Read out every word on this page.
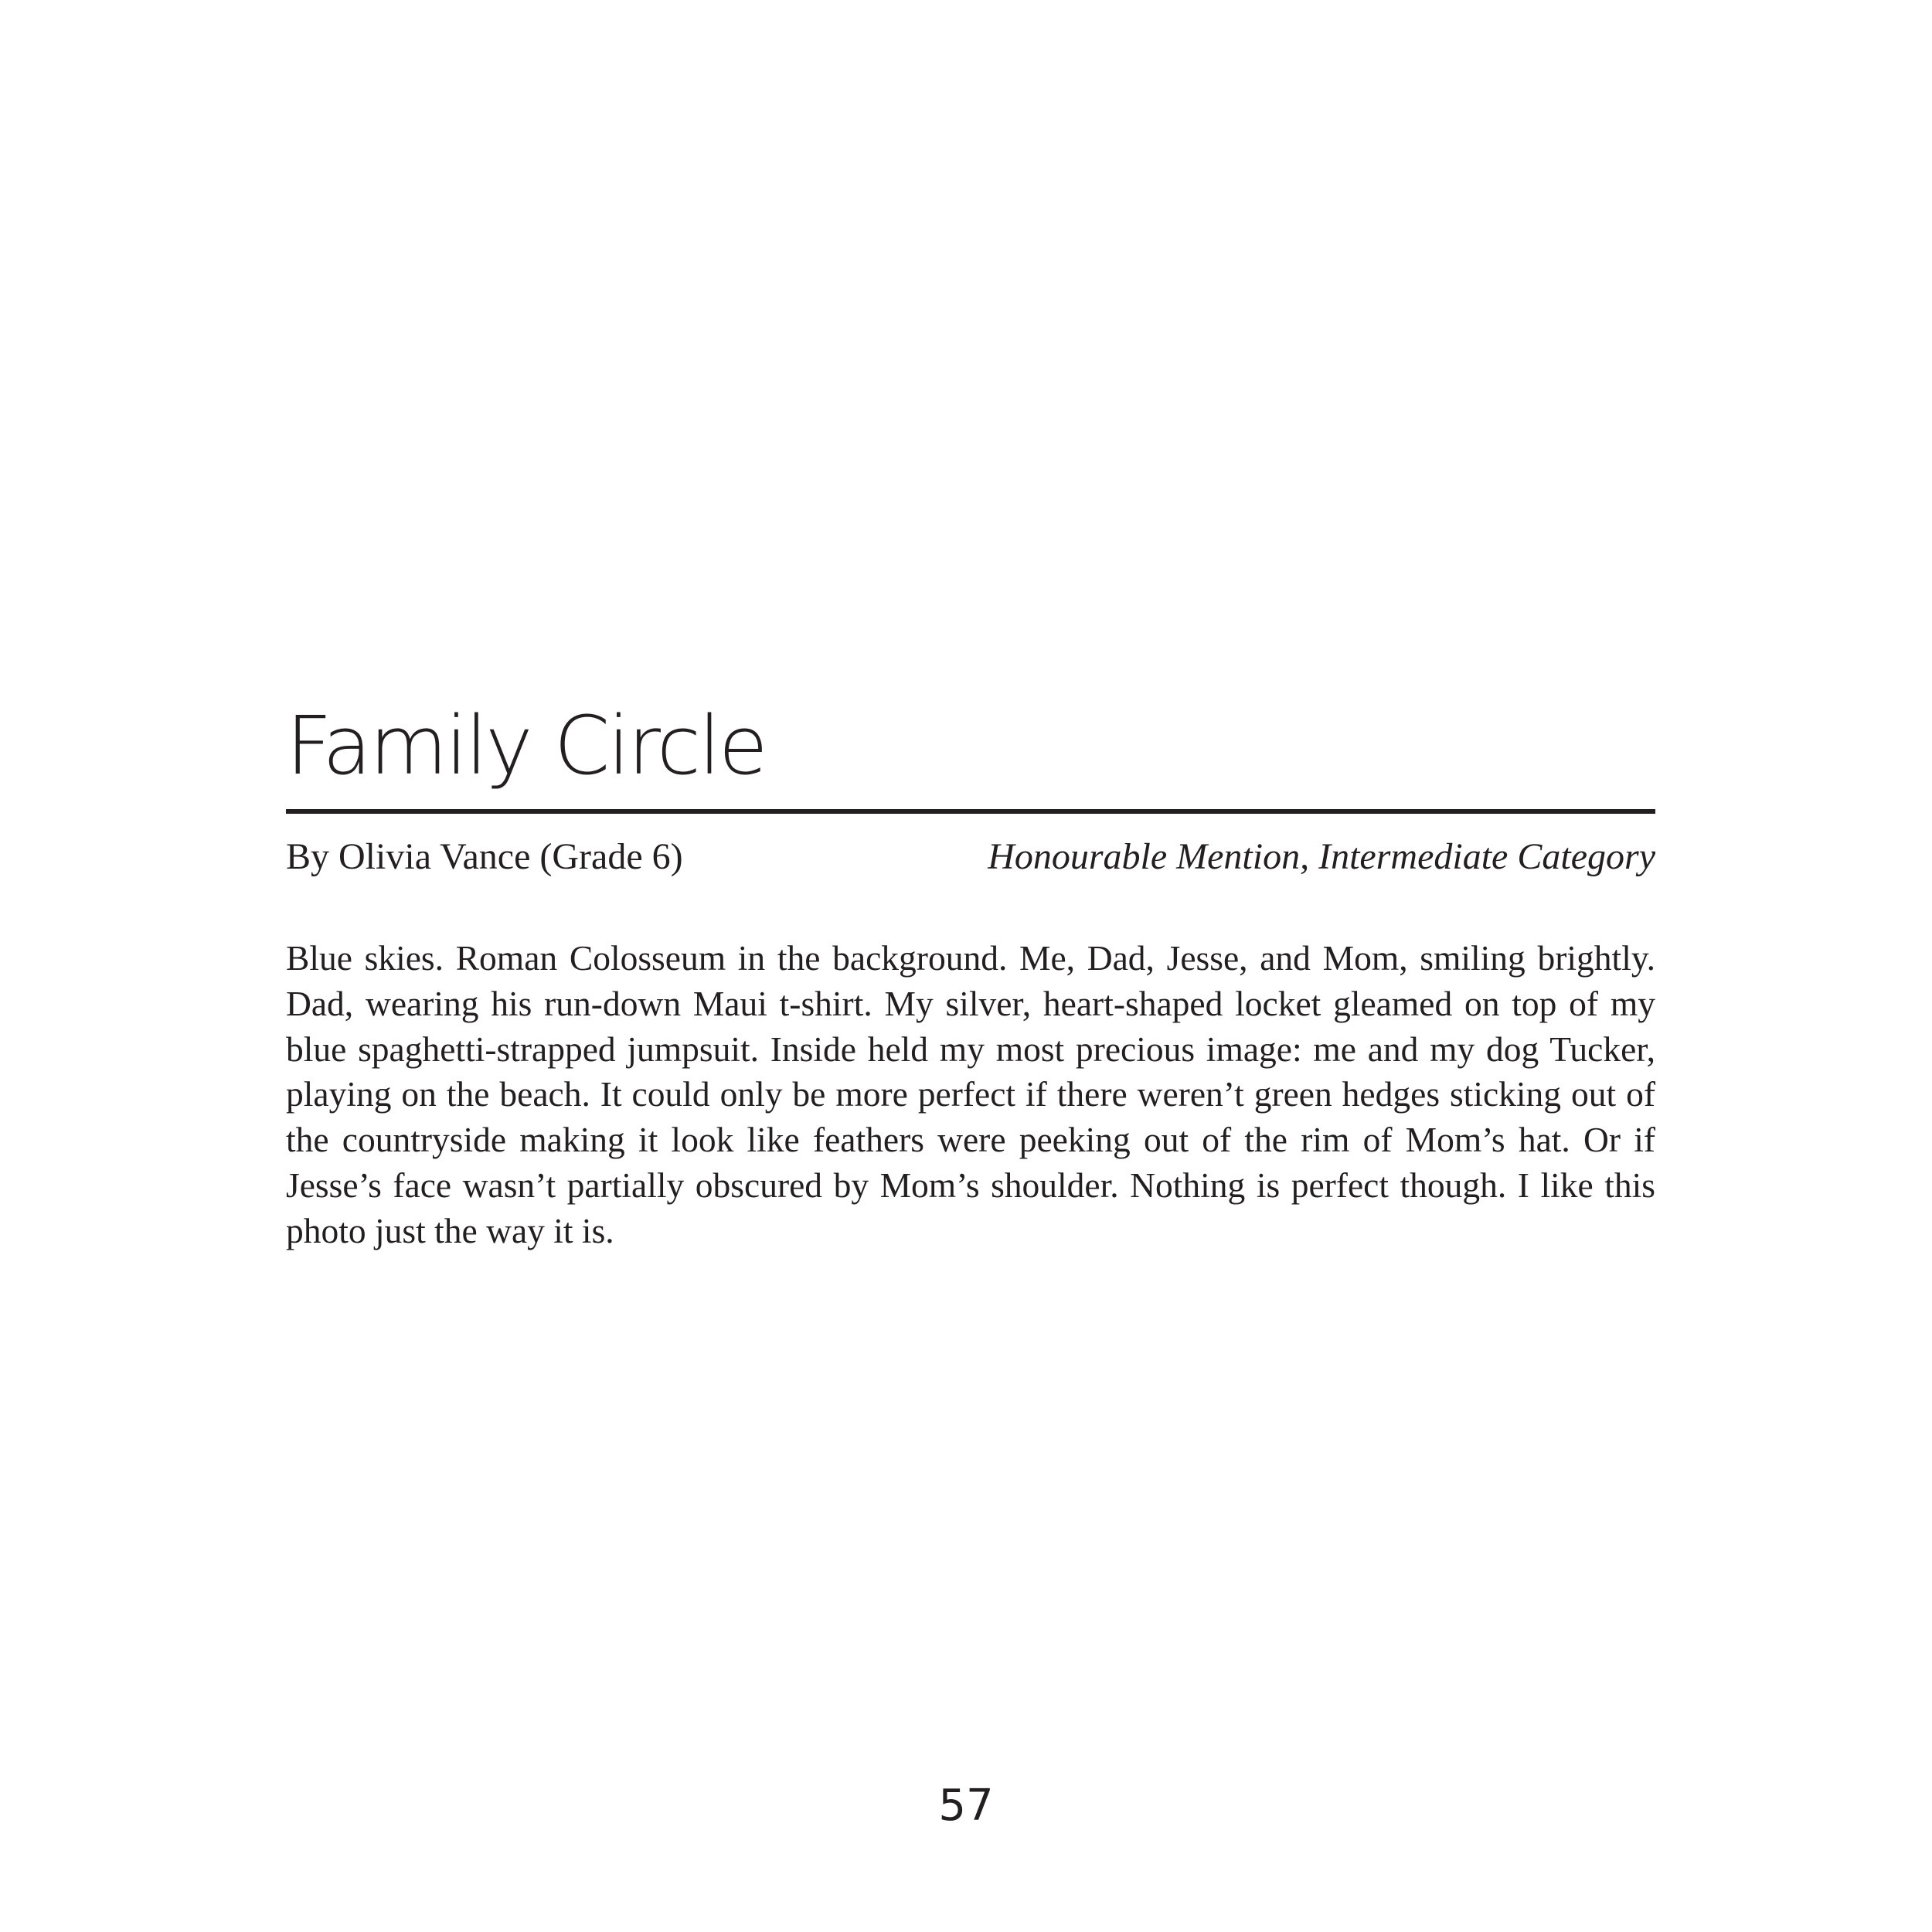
Family Circle
By Olivia Vance (Grade 6)	Honourable Mention, Intermediate Category

Blue skies. Roman Colosseum in the background. Me, Dad, Jesse, and Mom, smiling brightly. Dad, wearing his run-down Maui t-shirt. My silver, heart-shaped locket gleamed on top of my blue spaghetti-strapped jumpsuit. Inside held my most precious image: me and my dog Tucker, playing on the beach. It could only be more perfect if there weren’t green hedges sticking out of the countryside making it look like feathers were peeking out of the rim of Mom’s hat. Or if Jesse’s face wasn’t partially obscured by Mom’s shoulder. Nothing is perfect though. I like this photo just the way it is.

57
